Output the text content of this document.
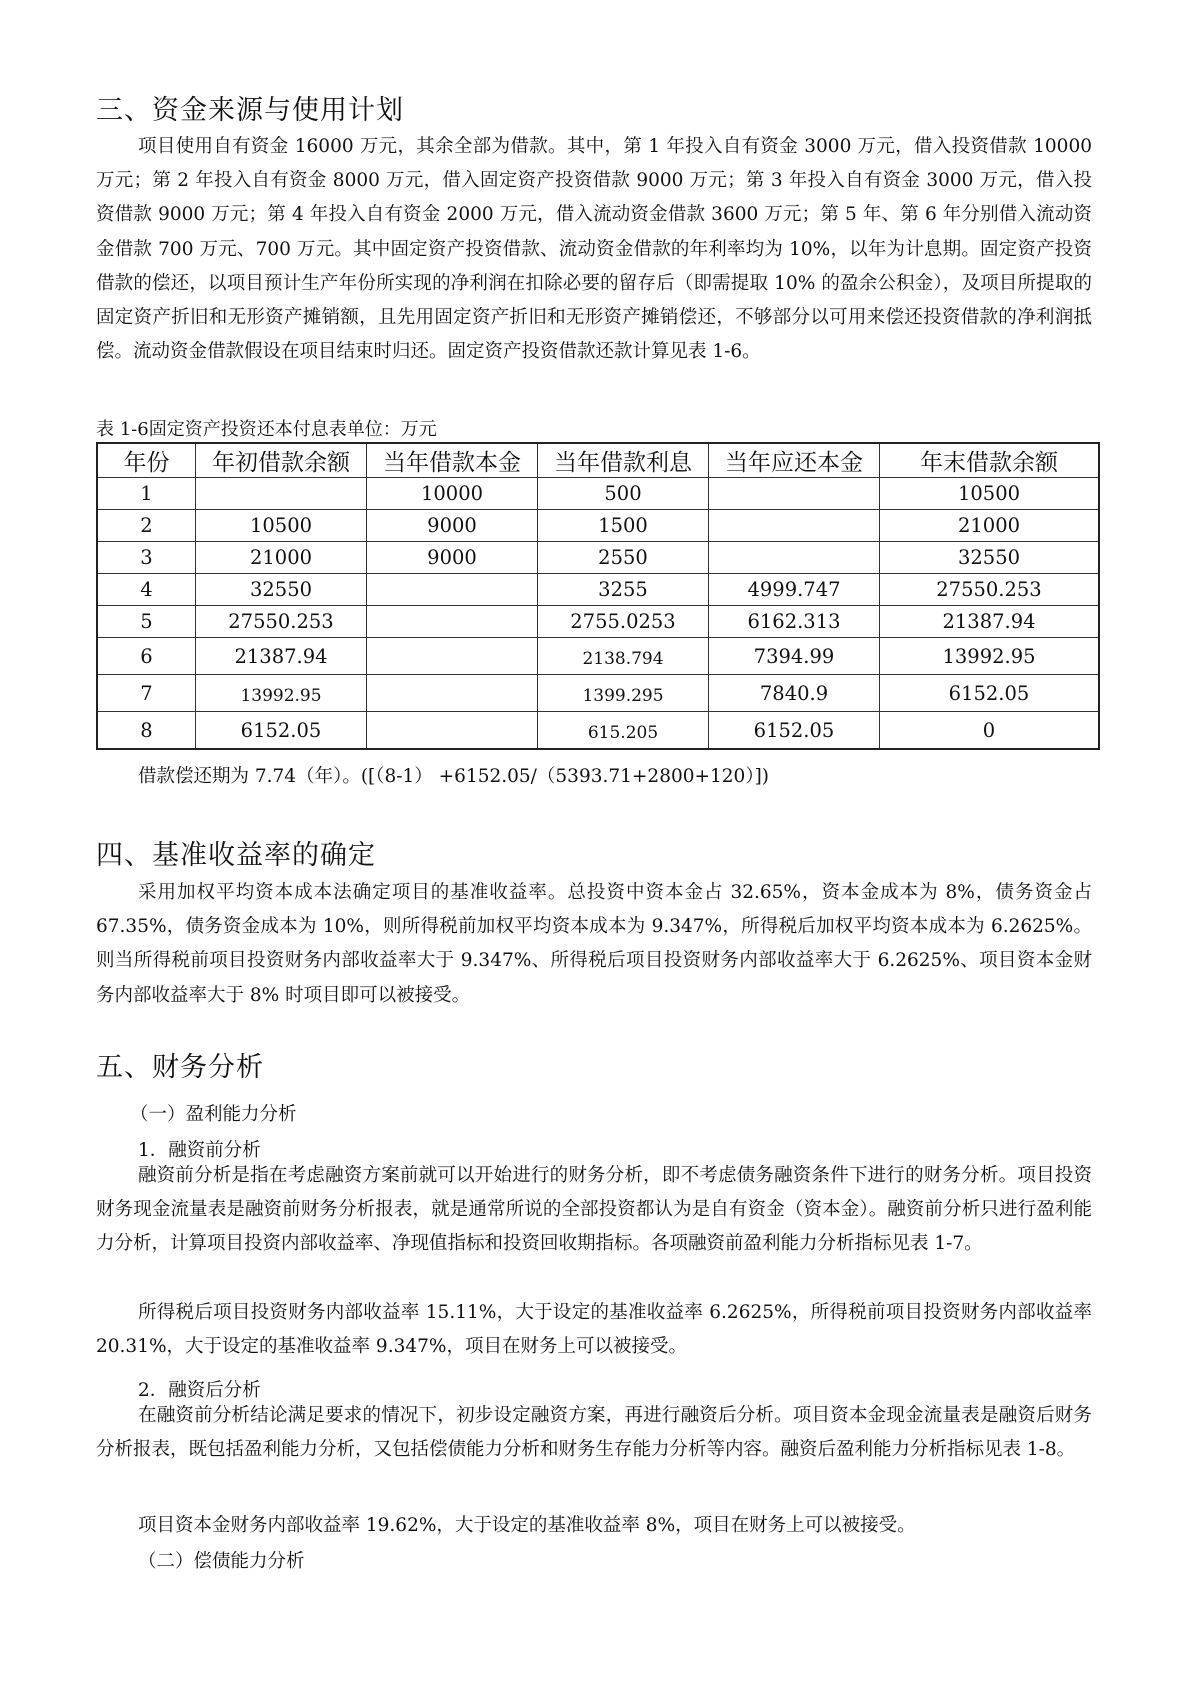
三、资金来源与使用计划

项目使用自有资金 16000 万元，其余全部为借款。其中，第 1 年投入自有资金 3000 万元，借入投资借款 10000 万元；第 2 年投入自有资金 8000 万元，借入固定资产投资借款 9000 万元；第 3 年投入自有资金 3000 万元，借入投资借款 9000 万元；第 4 年投入自有资金 2000 万元，借入流动资金借款 3600 万元；第 5 年、第 6 年分别借入流动资金借款 700 万元、700 万元。其中固定资产投资借款、流动资金借款的年利率均为 10%，以年为计息期。固定资产投资借款的偿还，以项目预计生产年份所实现的净利润在扣除必要的留存后（即需提取 10% 的盈余公积金），及项目所提取的固定资产折旧和无形资产摊销额，且先用固定资产折旧和无形资产摊销偿还，不够部分以可用来偿还投资借款的净利润抵偿。流动资金借款假设在项目结束时归还。固定资产投资借款还款计算见表 1-6。

表 1-6固定资产投资还本付息表单位：万元

年份	年初借款余额	当年借款本金	当年借款利息	当年应还本金	年末借款余额
1		10000	500		10500
2	10500	9000	1500		21000
3	21000	9000	2550		32550
4	32550		3255	4999.747	27550.253
5	27550.253		2755.0253	6162.313	21387.94
6	21387.94		2138.794	7394.99	13992.95
7	13992.95		1399.295	7840.9	6152.05
8	6152.05		615.205	6152.05	0

借款偿还期为 7.74（年）。([（8-1） +6152.05/（5393.71+2800+120）])

四、基准收益率的确定

采用加权平均资本成本法确定项目的基准收益率。总投资中资本金占 32.65%，资本金成本为 8%，债务资金占 67.35%，债务资金成本为 10%，则所得税前加权平均资本成本为 9.347%，所得税后加权平均资本成本为 6.2625%。则当所得税前项目投资财务内部收益率大于 9.347%、所得税后项目投资财务内部收益率大于 6.2625%、项目资本金财务内部收益率大于 8% 时项目即可以被接受。

五、财务分析

（一）盈利能力分析

1．融资前分析

融资前分析是指在考虑融资方案前就可以开始进行的财务分析，即不考虑债务融资条件下进行的财务分析。项目投资财务现金流量表是融资前财务分析报表，就是通常所说的全部投资都认为是自有资金（资本金）。融资前分析只进行盈利能力分析，计算项目投资内部收益率、净现值指标和投资回收期指标。各项融资前盈利能力分析指标见表 1-7。

所得税后项目投资财务内部收益率 15.11%，大于设定的基准收益率 6.2625%，所得税前项目投资财务内部收益率 20.31%，大于设定的基准收益率 9.347%，项目在财务上可以被接受。

2．融资后分析

在融资前分析结论满足要求的情况下，初步设定融资方案，再进行融资后分析。项目资本金现金流量表是融资后财务分析报表，既包括盈利能力分析，又包括偿债能力分析和财务生存能力分析等内容。融资后盈利能力分析指标见表 1-8。

项目资本金财务内部收益率 19.62%，大于设定的基准收益率 8%，项目在财务上可以被接受。

（二）偿债能力分析
